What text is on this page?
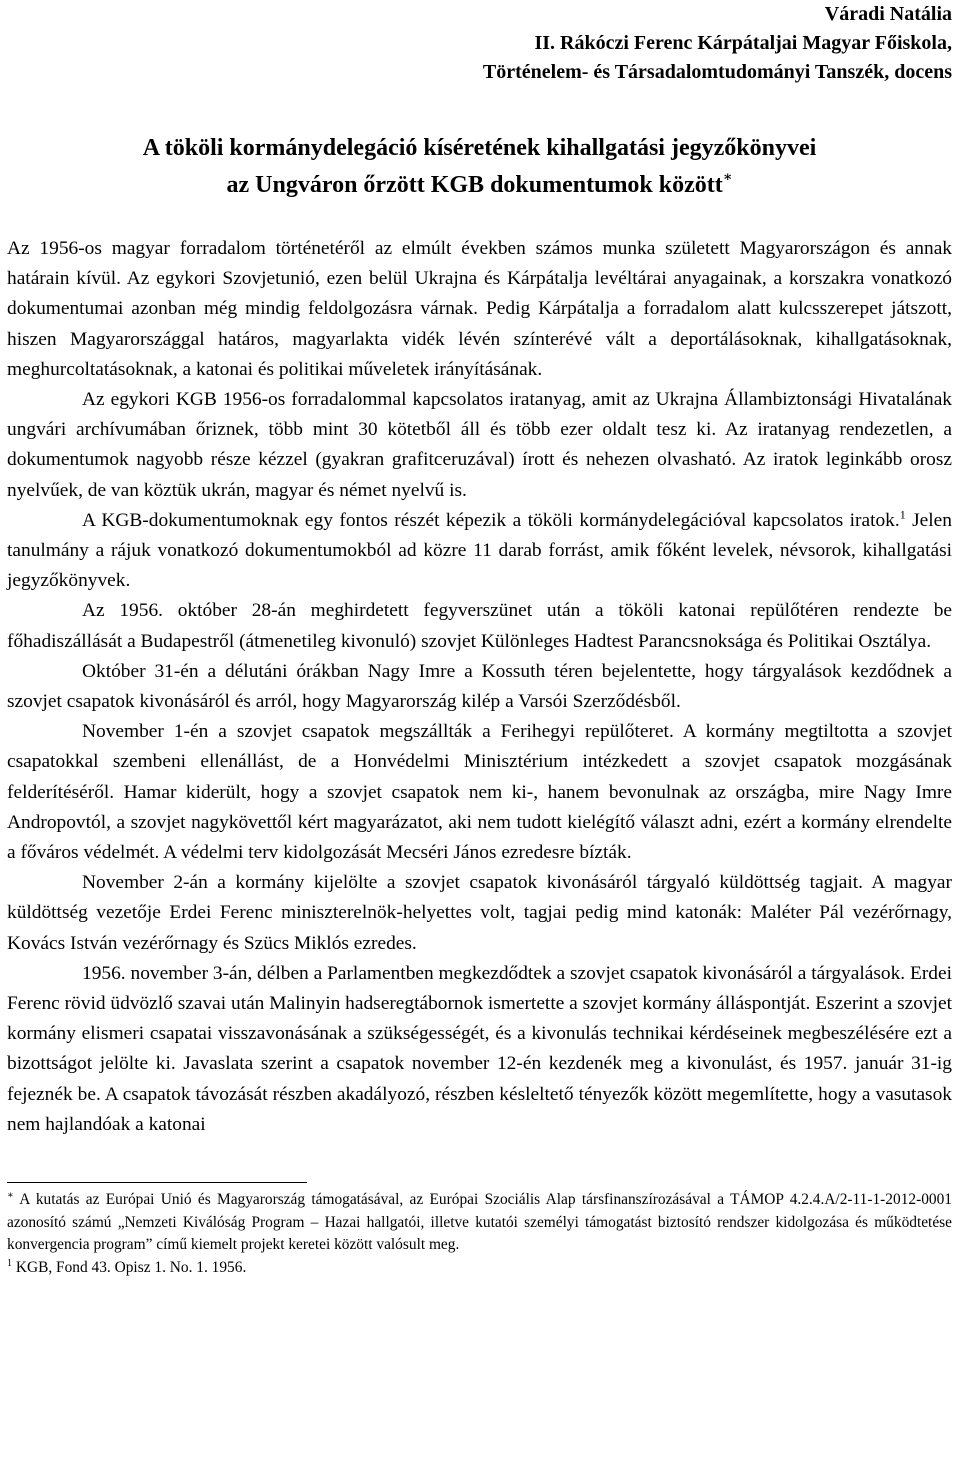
Váradi Natália

II. Rákóczi Ferenc Kárpátaljai Magyar Főiskola,

Történelem- és Társadalomtudományi Tanszék, docens

A tököli kormánydelegáció kíséretének kihallgatási jegyzőkönyvei

az Ungváron őrzött KGB dokumentumok között∗

Az 1956-os magyar forradalom történetéről az elmúlt években számos munka született Magyarországon és annak határain kívül. Az egykori Szovjetunió, ezen belül Ukrajna és Kárpátalja levéltárai anyagainak, a korszakra vonatkozó dokumentumai azonban még mindig feldolgozásra várnak. Pedig Kárpátalja a forradalom alatt kulcsszerepet játszott, hiszen Magyarországgal határos, magyarlakta vidék lévén színterévé vált a deportálásoknak, kihallgatásoknak, meghurcoltatásoknak, a katonai és politikai műveletek irányításának.

Az egykori KGB 1956-os forradalommal kapcsolatos iratanyag, amit az Ukrajna Állambiztonsági Hivatalának ungvári archívumában őriznek, több mint 30 kötetből áll és több ezer oldalt tesz ki. Az iratanyag rendezetlen, a dokumentumok nagyobb része kézzel (gyakran grafitceruzával) írott és nehezen olvasható. Az iratok leginkább orosz nyelvűek, de van köztük ukrán, magyar és német nyelvű is.

A KGB-dokumentumoknak egy fontos részét képezik a tököli kormánydelegációval kapcsolatos iratok.$^1$ Jelen tanulmány a rájuk vonatkozó dokumentumokból ad közre 11 darab forrást, amik főként levelek, névsorok, kihallgatási jegyzőkönyvek.

Az 1956. október 28-án meghirdetett fegyverszünet után a tököli katonai repülőtéren rendezte be főhadiszállását a Budapestről (átmenetileg kivonuló) szovjet Különleges Hadtest Parancsnoksága és Politikai Osztálya.

Október 31-én a délutáni órákban Nagy Imre a Kossuth téren bejelentette, hogy tárgyalások kezdődnek a szovjet csapatok kivonásáról és arról, hogy Magyarország kilép a Varsói Szerződésből.

November 1-én a szovjet csapatok megszállták a Ferihegyi repülőteret. A kormány megtiltotta a szovjet csapatokkal szembeni ellenállást, de a Honvédelmi Minisztérium intézkedett a szovjet csapatok mozgásának felderítéséről. Hamar kiderült, hogy a szovjet csapatok nem ki-, hanem bevonulnak az országba, mire Nagy Imre Andropovtól, a szovjet nagykövettől kért magyarázatot, aki nem tudott kielégítő választ adni, ezért a kormány elrendelte a főváros védelmét. A védelmi terv kidolgozását Mecséri János ezredesre bízták.

November 2-án a kormány kijelölte a szovjet csapatok kivonásáról tárgyaló küldöttség tagjait. A magyar küldöttség vezetője Erdei Ferenc miniszterelnök-helyettes volt, tagjai pedig mind katonák: Maléter Pál vezérőrnagy, Kovács István vezérőrnagy és Szücs Miklós ezredes.

1956. november 3-án, délben a Parlamentben megkezdődtek a szovjet csapatok kivonásáról a tárgyalások. Erdei Ferenc rövid üdvözlő szavai után Malinyin hadseregtábornok ismertette a szovjet kormány álláspontját. Eszerint a szovjet kormány elismeri csapatai visszavonásának a szükségességét, és a kivonulás technikai kérdéseinek megbeszélésére ezt a bizottságot jelölte ki. Javaslata szerint a csapatok november 12-én kezdenék meg a kivonulást, és 1957. január 31-ig fejeznék be. A csapatok távozását részben akadályozó, részben késleltető tényezők között megemlítette, hogy a vasutasok nem hajlandóak a katonai

∗ A kutatás az Európai Unió és Magyarország támogatásával, az Európai Szociális Alap társfinanszírozásával a TÁMOP 4.2.4.A/2-11-1-2012-0001 azonosító számú „Nemzeti Kiválóság Program – Hazai hallgatói, illetve kutatói személyi támogatást biztosító rendszer kidolgozása és működtetése konvergencia program” című kiemelt projekt keretei között valósult meg.

$^1$ KGB, Fond 43. Opisz 1. No. 1. 1956.
